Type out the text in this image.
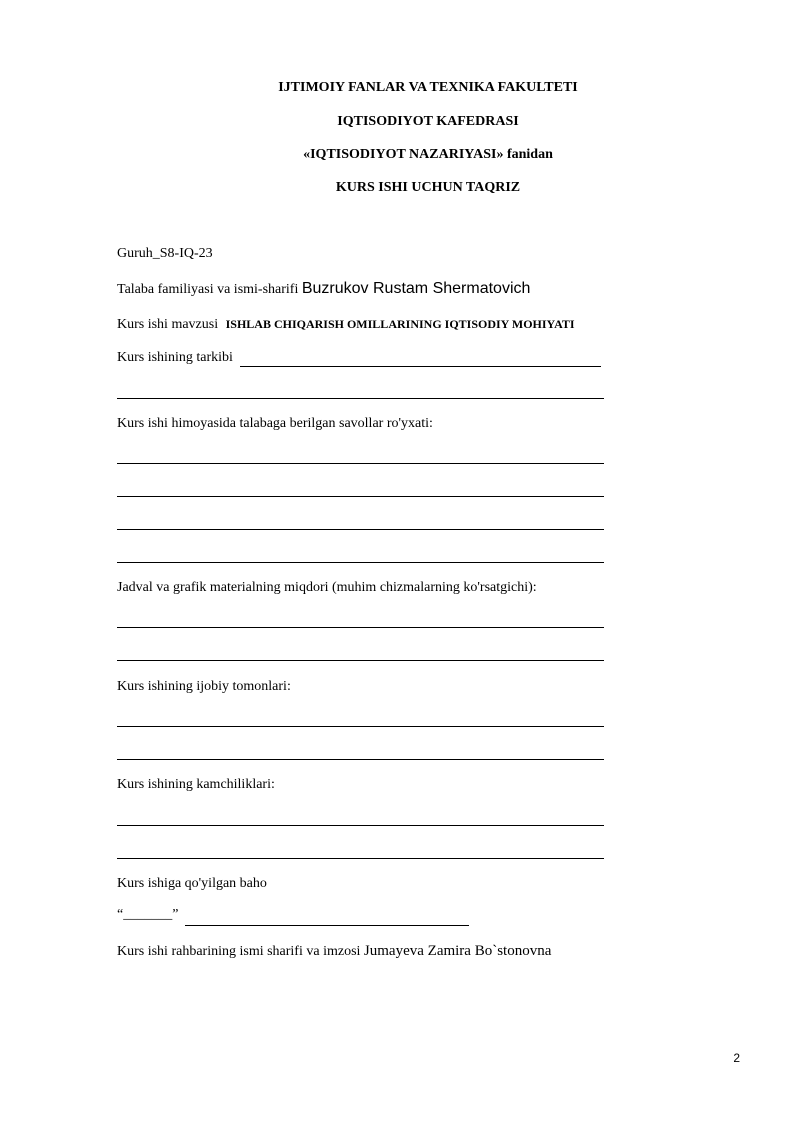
IJTIMOIY FANLAR VA TEXNIKA FAKULTETI
IQTISODIYOT KAFEDRASI
«IQTISODIYOT NAZARIYASI» fanidan
KURS ISHI UCHUN TAQRIZ
Guruh_S8-IQ-23
Talaba familiyasi va ismi-sharifi Buzrukov Rustam Shermatovich
Kurs ishi mavzusi ISHLAB CHIQARISH OMILLARINING IQTISODIY MOHIYATI
Kurs ishining tarkibi
Kurs ishi himoyasida talabaga berilgan savollar ro'yxati:
Jadval va grafik materialning miqdori (muhim chizmalarning ko'rsatgichi):
Kurs ishining ijobiy tomonlari:
Kurs ishining kamchiliklari:
Kurs ishiga qo'yilgan baho
“_______”
Kurs ishi rahbarining ismi sharifi va imzosi Jumayeva Zamira Bo`stonovna
2
